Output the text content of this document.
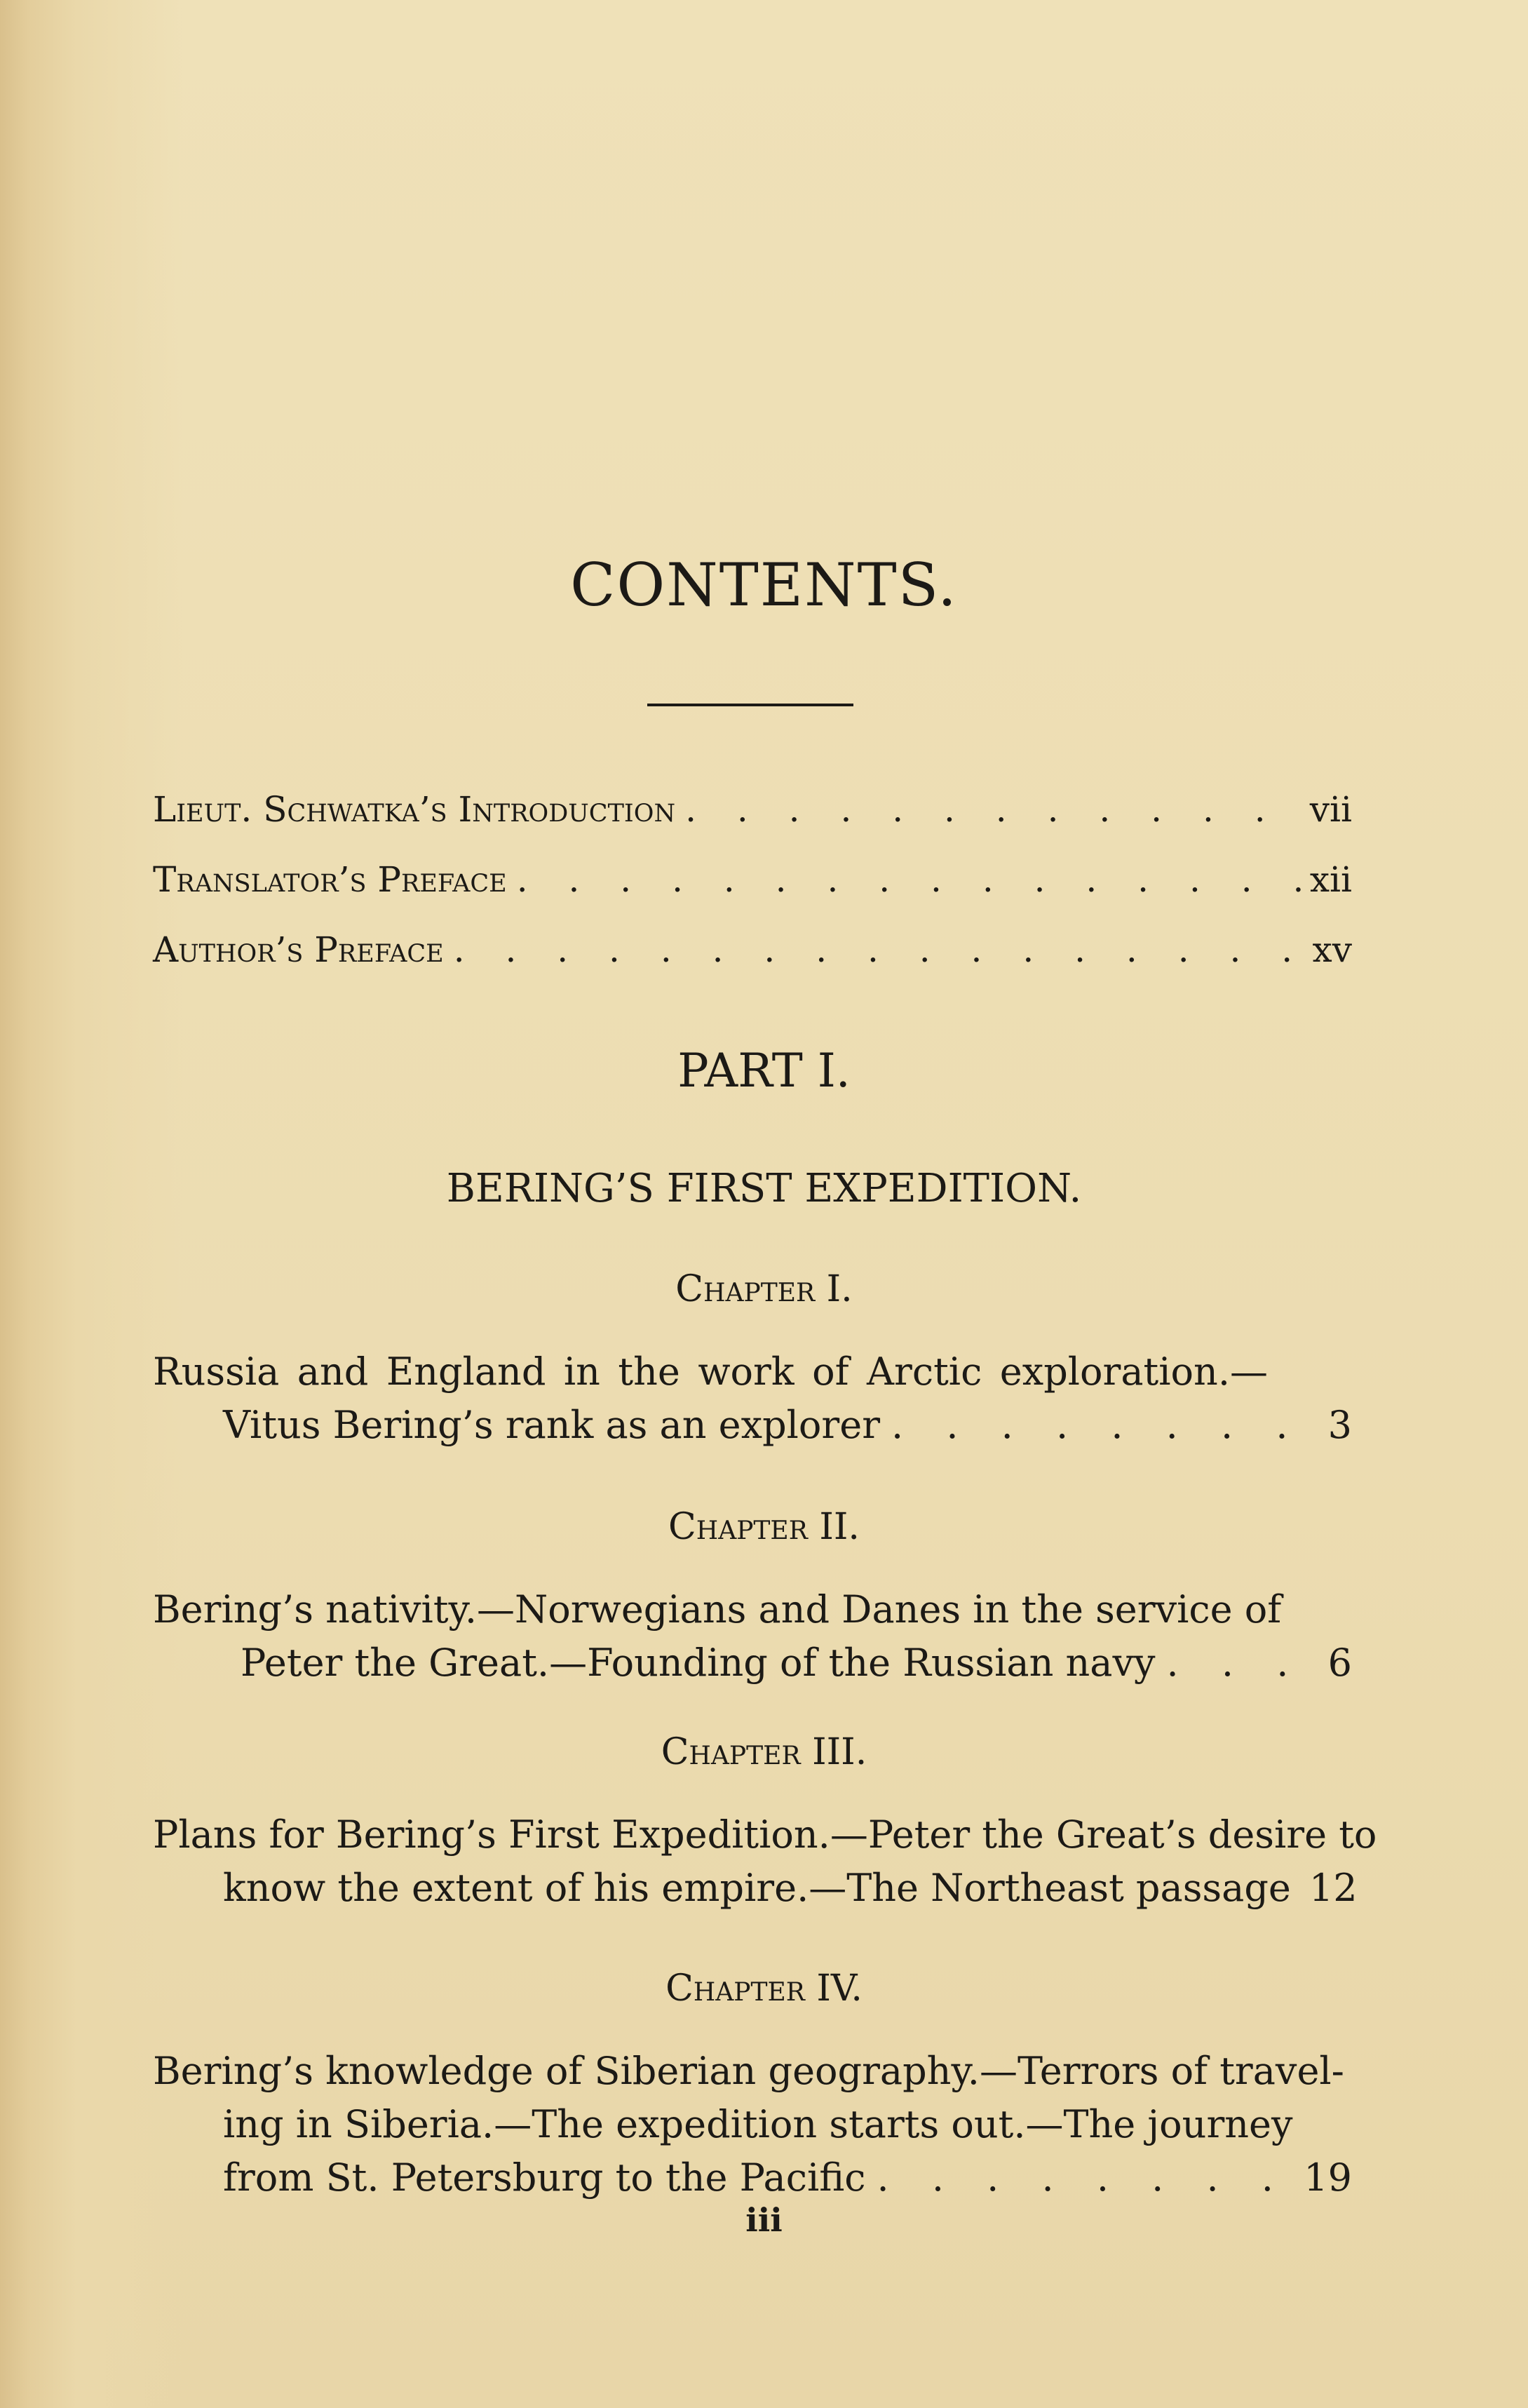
CONTENTS.
Lieut. Schwatka’s Introduction . . .	vii
Translator’s Preface . . .	xii
Author’s Preface . . .	xv
PART I.
BERING’S FIRST EXPEDITION.
Chapter I.
Russia and England in the work of Arctic exploration.—
Vitus Bering’s rank as an explorer . . .	3
Chapter II.
Bering’s nativity.—Norwegians and Danes in the service of
Peter the Great.—Founding of the Russian navy . . .	6
Chapter III.
Plans for Bering’s First Expedition.—Peter the Great’s desire to
know the extent of his empire.—The Northeast passage . . . 12
Chapter IV.
Bering’s knowledge of Siberian geography.—Terrors of travel-
ing in Siberia.—The expedition starts out.—The journey
from St. Petersburg to the Pacific . . .	19
iii
